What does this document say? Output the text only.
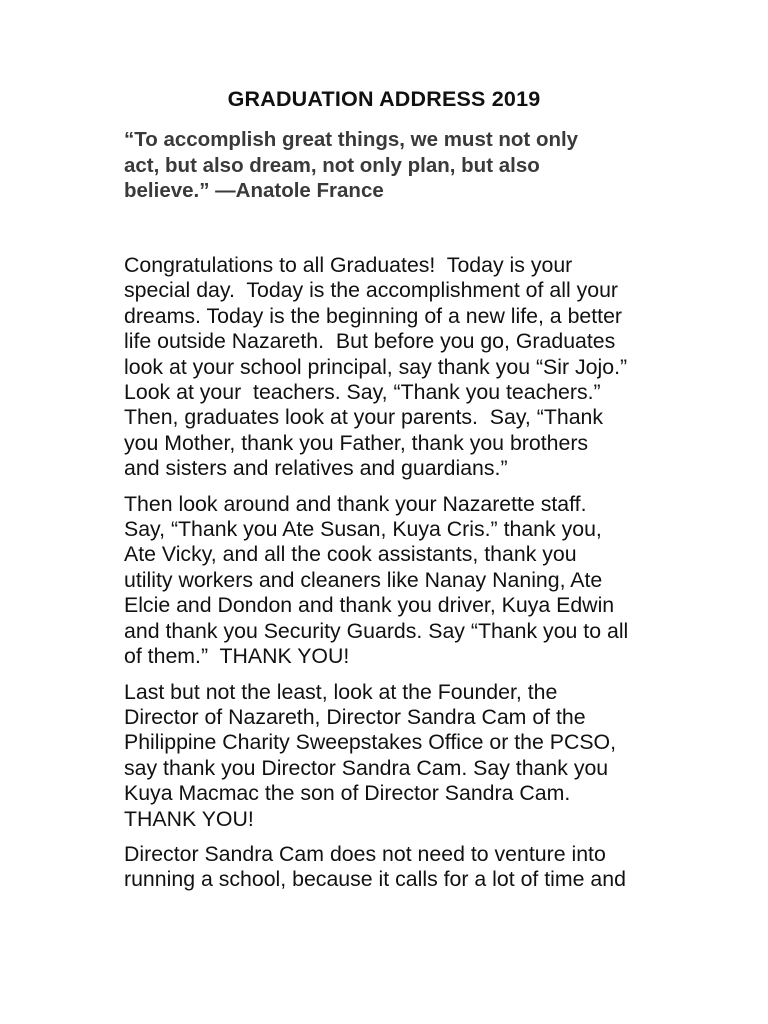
GRADUATION ADDRESS 2019
“To accomplish great things, we must not only
act, but also dream, not only plan, but also
believe.” —Anatole France

Congratulations to all Graduates!  Today is your
special day.  Today is the accomplishment of all your
dreams. Today is the beginning of a new life, a better
life outside Nazareth.  But before you go, Graduates
look at your school principal, say thank you “Sir Jojo.”
Look at your  teachers. Say, “Thank you teachers.”
Then, graduates look at your parents.  Say, “Thank
you Mother, thank you Father, thank you brothers
and sisters and relatives and guardians.”

Then look around and thank your Nazarette staff.
Say, “Thank you Ate Susan, Kuya Cris.” thank you,
Ate Vicky, and all the cook assistants, thank you
utility workers and cleaners like Nanay Naning, Ate
Elcie and Dondon and thank you driver, Kuya Edwin
and thank you Security Guards. Say “Thank you to all
of them.”  THANK YOU!

Last but not the least, look at the Founder, the
Director of Nazareth, Director Sandra Cam of the
Philippine Charity Sweepstakes Office or the PCSO,
say thank you Director Sandra Cam. Say thank you
Kuya Macmac the son of Director Sandra Cam.
THANK YOU!

Director Sandra Cam does not need to venture into
running a school, because it calls for a lot of time and
